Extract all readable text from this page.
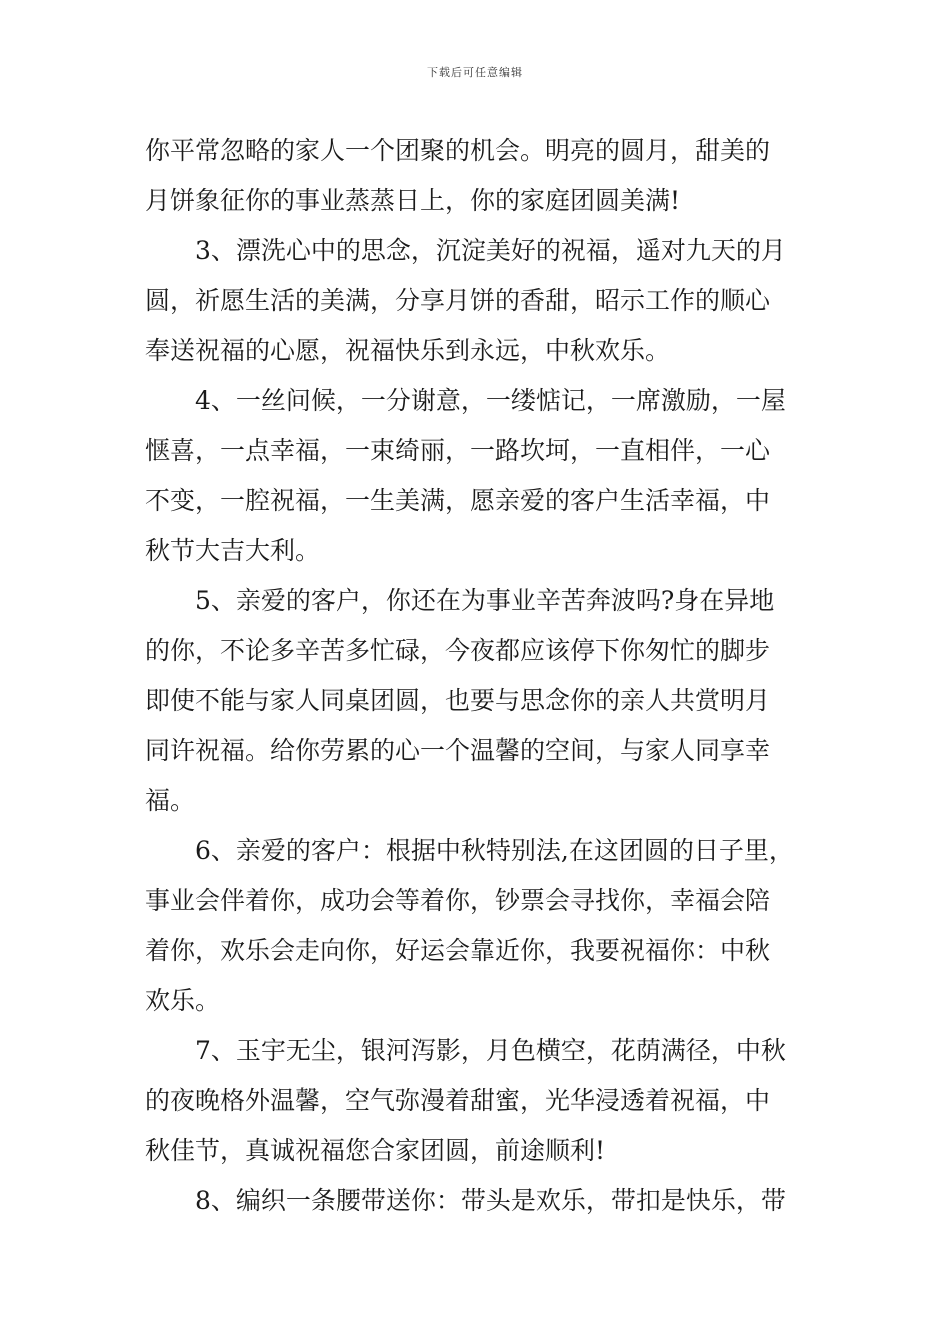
下载后可任意编辑
你平常忽略的家人一个团聚的机会。明亮的圆月，甜美的
月饼象征你的事业蒸蒸日上，你的家庭团圆美满!
3、漂洗心中的思念，沉淀美好的祝福，遥对九天的月
圆，祈愿生活的美满，分享月饼的香甜，昭示工作的顺心
奉送祝福的心愿，祝福快乐到永远，中秋欢乐。
4、一丝问候，一分谢意，一缕惦记，一席激励，一屋
惬喜，一点幸福，一束绮丽，一路坎坷，一直相伴，一心
不变，一腔祝福，一生美满，愿亲爱的客户生活幸福，中
秋节大吉大利。
5、亲爱的客户，你还在为事业辛苦奔波吗?身在异地
的你，不论多辛苦多忙碌，今夜都应该停下你匆忙的脚步
即使不能与家人同桌团圆，也要与思念你的亲人共赏明月
同许祝福。给你劳累的心一个温馨的空间，与家人同享幸
福。
6、亲爱的客户：根据中秋特别法,在这团圆的日子里，
事业会伴着你，成功会等着你，钞票会寻找你，幸福会陪
着你，欢乐会走向你，好运会靠近你，我要祝福你：中秋
欢乐。
7、玉宇无尘，银河泻影，月色横空，花荫满径，中秋
的夜晚格外温馨，空气弥漫着甜蜜，光华浸透着祝福，中
秋佳节，真诚祝福您合家团圆，前途顺利!
8、编织一条腰带送你：带头是欢乐，带扣是快乐，带
